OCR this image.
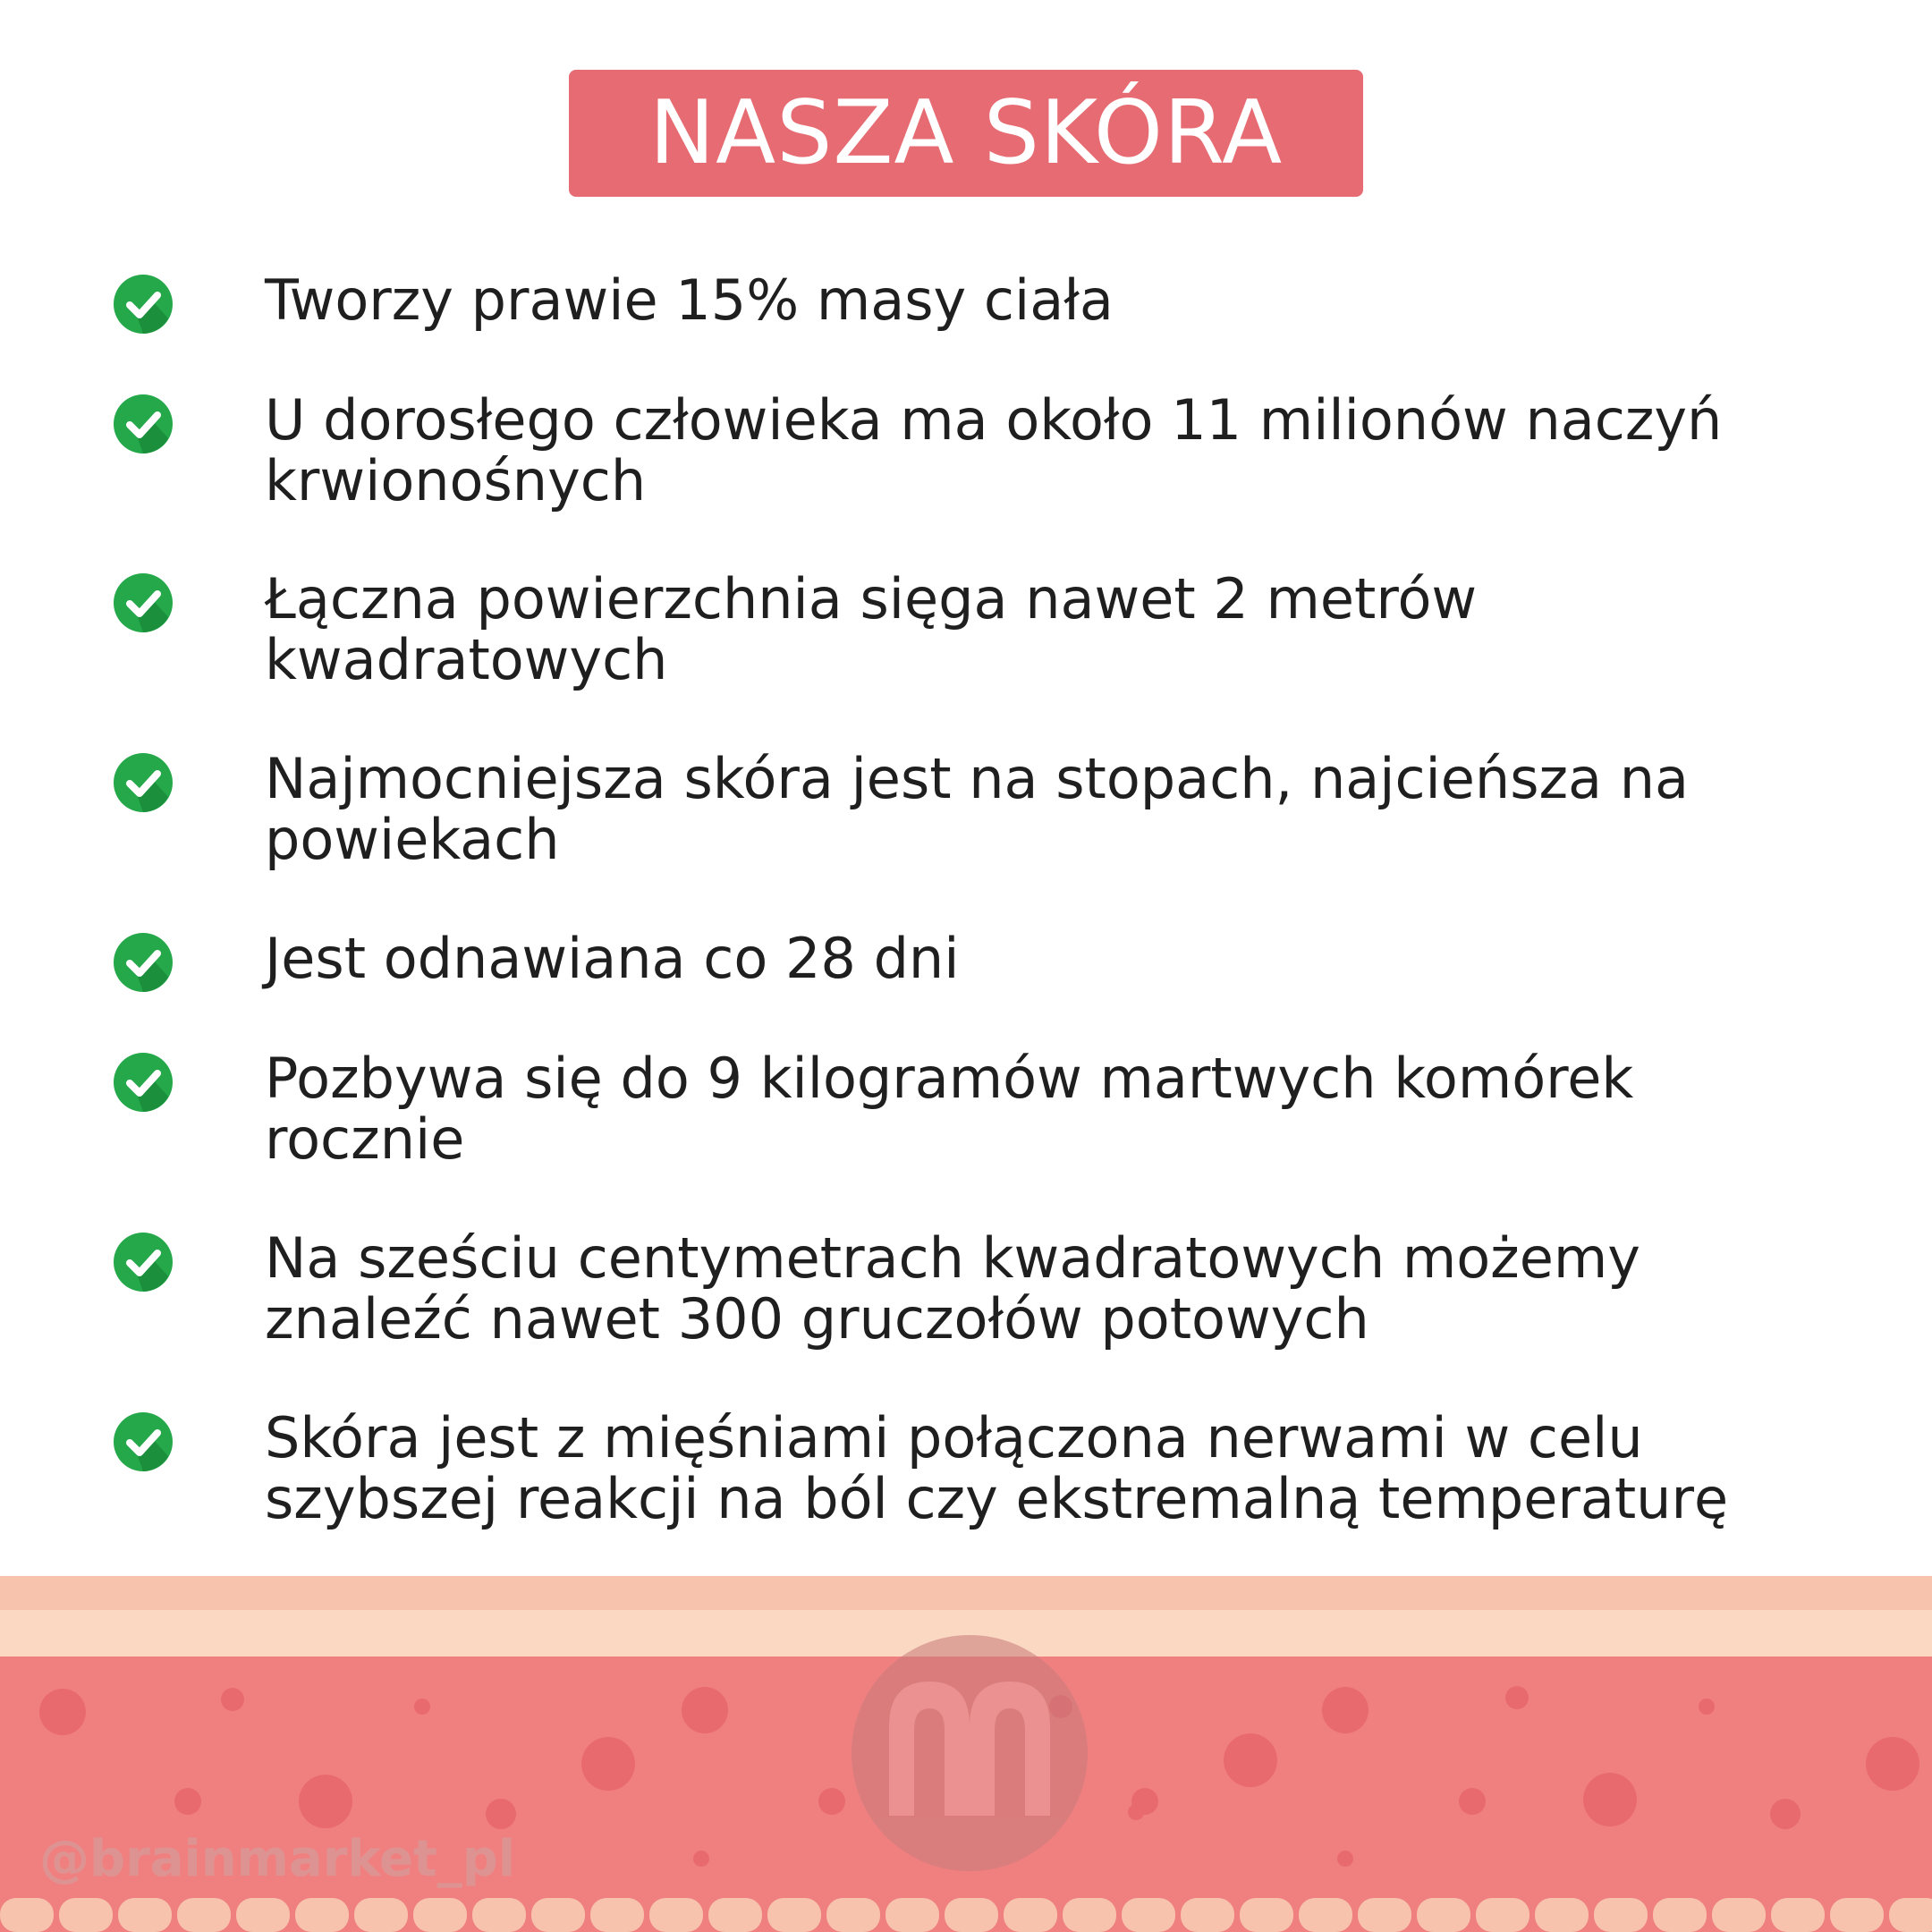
NASZA SKÓRA
Tworzy prawie 15% masy ciała
U dorosłego człowieka ma około 11 milionów naczyń krwionośnych
Łączna powierzchnia sięga nawet 2 metrów kwadratowych
Najmocniejsza skóra jest na stopach, najcieńsza na powiekach
Jest odnawiana co 28 dni
Pozbywa się do 9 kilogramów martwych komórek rocznie
Na sześciu centymetrach kwadratowych możemy znaleźć nawet 300 gruczołów potowych
Skóra jest z mięśniami połączona nerwami w celu szybszej reakcji na ból czy ekstremalną temperaturę
@brainmarket_pl
